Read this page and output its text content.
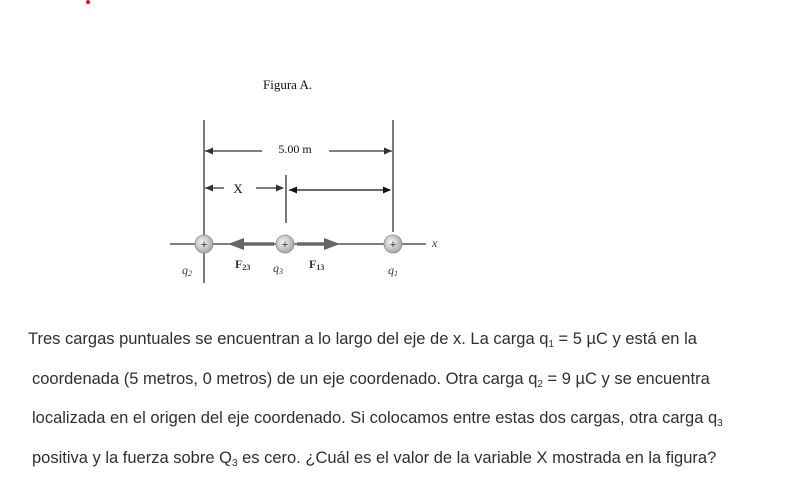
Figura A.
5.00 m
X
x
+	+	+
q2
F23 q3
F13	q1
Tres cargas puntuales se encuentran a lo largo del eje de x. La carga $q_1 = 5$ µC y está en la
coordenada (5 metros, 0 metros) de un eje coordenado. Otra carga $q_2 = 9$ µC y se encuentra
localizada en el origen del eje coordenado. Si colocamos entre estas dos cargas, otra carga $q_3$
positiva y la fuerza sobre $Q_3$ es cero. ¿Cuál es el valor de la variable X mostrada en la figura?
